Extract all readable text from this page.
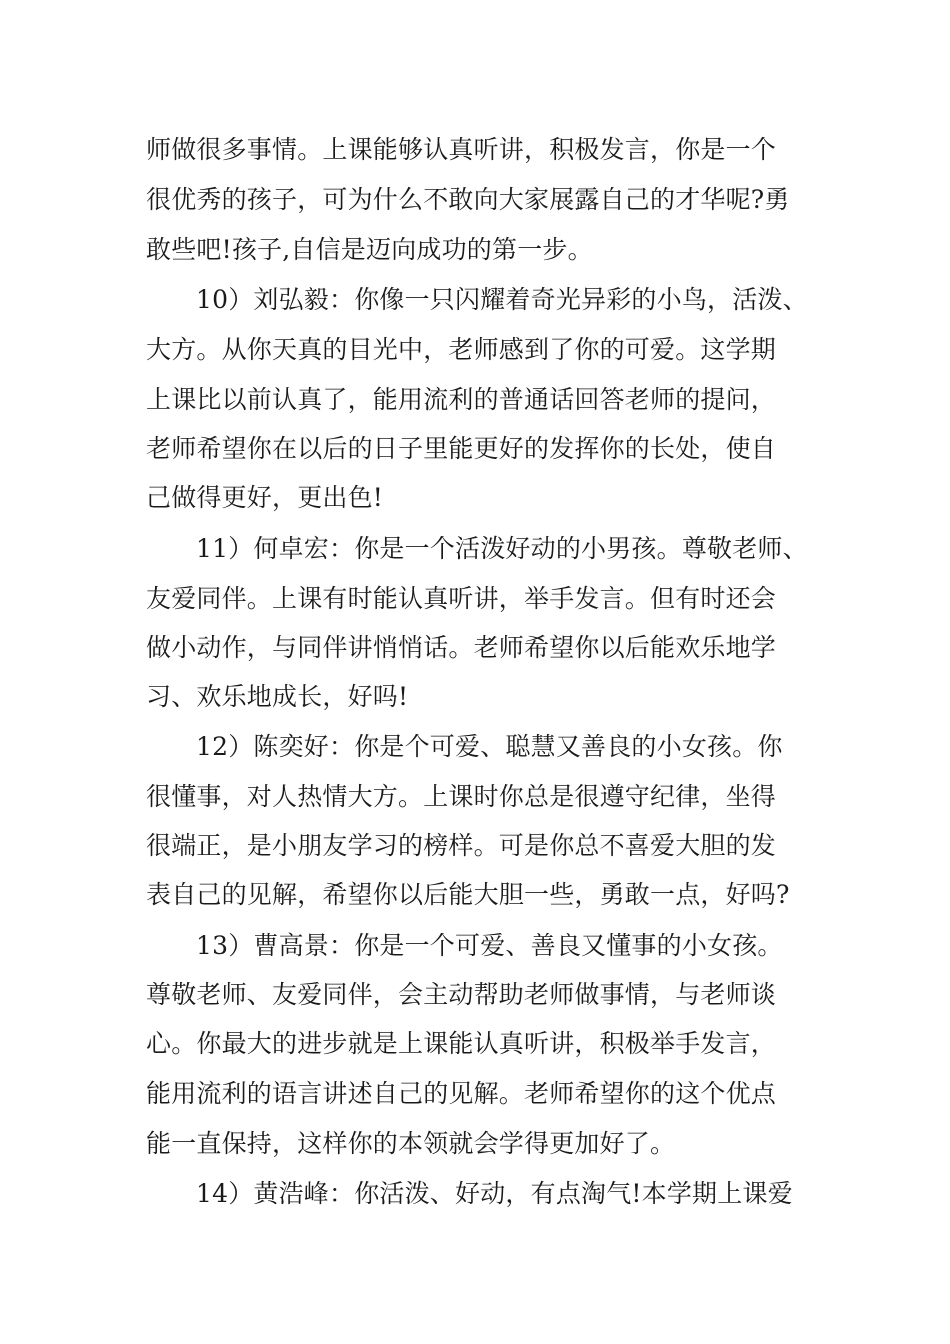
师做很多事情。上课能够认真听讲，积极发言，你是一个
很优秀的孩子，可为什么不敢向大家展露自己的才华呢?勇
敢些吧!孩子,自信是迈向成功的第一步。
10）刘弘毅：你像一只闪耀着奇光异彩的小鸟，活泼、
大方。从你天真的目光中，老师感到了你的可爱。这学期
上课比以前认真了，能用流利的普通话回答老师的提问，
老师希望你在以后的日子里能更好的发挥你的长处，使自
己做得更好，更出色!
11）何卓宏：你是一个活泼好动的小男孩。尊敬老师、
友爱同伴。上课有时能认真听讲，举手发言。但有时还会
做小动作，与同伴讲悄悄话。老师希望你以后能欢乐地学
习、欢乐地成长，好吗!
12）陈奕好：你是个可爱、聪慧又善良的小女孩。你
很懂事，对人热情大方。上课时你总是很遵守纪律，坐得
很端正，是小朋友学习的榜样。可是你总不喜爱大胆的发
表自己的见解，希望你以后能大胆一些，勇敢一点，好吗?
13）曹高景：你是一个可爱、善良又懂事的小女孩。
尊敬老师、友爱同伴，会主动帮助老师做事情，与老师谈
心。你最大的进步就是上课能认真听讲，积极举手发言，
能用流利的语言讲述自己的见解。老师希望你的这个优点
能一直保持，这样你的本领就会学得更加好了。
14）黄浩峰：你活泼、好动，有点淘气!本学期上课爱
